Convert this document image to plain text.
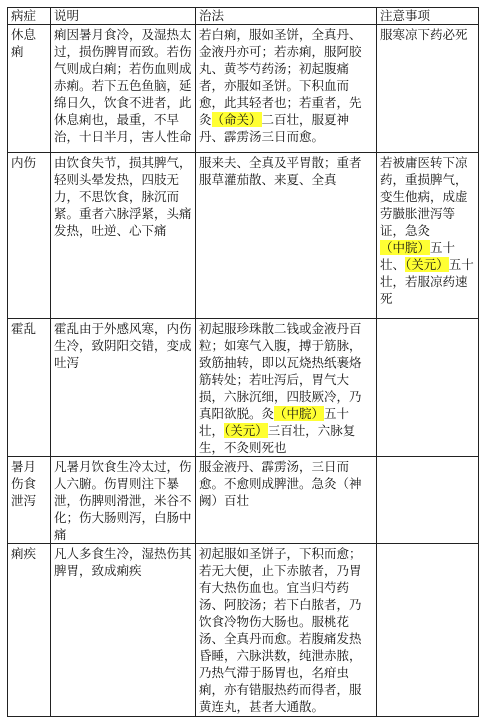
病症	说明	治法	注意事项
休息痢	痢因暑月食冷，及湿热太过，损伤脾胃而致。若伤气则成白痢；若伤血则成赤痢。若下五色鱼脑，延绵日久，饮食不进者，此休息痢也，最重，不早治，十日半月，害人性命	若白痢，服如圣饼，全真丹、金液丹亦可；若赤痢，服阿胶丸、黄芩芍药汤；初起腹痛者，亦服如圣饼。下积血而愈，此其轻者也；若重者，先灸（命关）二百壮，服夏神丹、霹雳汤三日而愈。	服寒凉下药必死
内伤	由饮食失节，损其脾气，轻则头晕发热，四肢无力，不思饮食，脉沉而紧。重者六脉浮紧，头痛发热，吐逆、心下痛	服来夫、全真及平胃散；重者服草灌茄散、来夏、全真	若被庸医转下凉药，重损脾气，变生他病，成虚劳臌胀泄泻等证，急灸（中脘）五十壮、（关元）五十壮，若服凉药速死
霍乱	霍乱由于外感风寒，内伤生冷，致阴阳交错，变成吐泻	初起服珍珠散二钱或金液丹百粒；如寒气入腹，搏于筋脉，致筋抽转，即以瓦烧热纸裹烙筋转处；若吐泻后，胃气大损，六脉沉细，四肢厥冷，乃真阳欲脱。灸（中脘）五十壮，（关元）三百壮，六脉复生，不灸则死也	
暑月伤食泄泻	凡暑月饮食生冷太过，伤人六腑。伤胃则注下暴泄，伤脾则滑泄，米谷不化；伤大肠则泻，白肠中痛	服金液丹、霹雳汤，三日而愈。不愈则成脾泄。急灸（神阙）百壮	
痢疾	凡人多食生冷，湿热伤其脾胃，致成痢疾	初起服如圣饼子，下积而愈；若无大便，止下赤脓者，乃胃有大热伤血也。宜当归芍药汤、阿胶汤；若下白脓者，乃饮食冷物伤大肠也。服桃花汤、全真丹而愈。若腹痛发热昏睡，六脉洪数，纯泄赤脓，乃热气滞于肠胃也，名疳虫痢，亦有错服热药而得者，服黄连丸，甚者大通散。	
